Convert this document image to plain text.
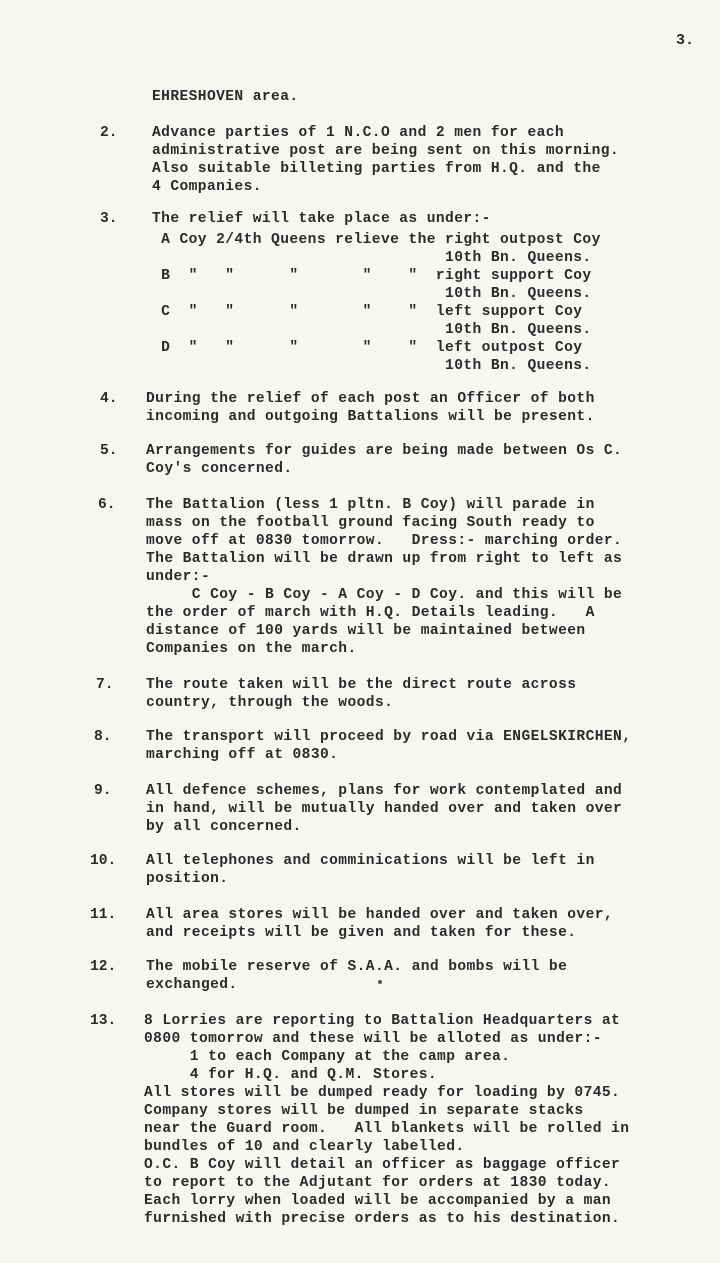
3.
EHRESHOVEN area.
2. Advance parties of 1 N.C.O and 2 men for each
administrative post are being sent on this morning.
Also suitable billeting parties from H.Q. and the
4 Companies.
3. The relief will take place as under:-
A Coy 2/4th Queens relieve the right outpost Coy
10th Bn. Queens.
B  "   "      "       "    "  right support Coy
10th Bn. Queens.
C  "   "      "       "    "  left support Coy
10th Bn. Queens.
D  "   "      "       "    "  left outpost Coy
10th Bn. Queens.
4. During the relief of each post an Officer of both
incoming and outgoing Battalions will be present.
5. Arrangements for guides are being made between Os C.
Coy's concerned.
6. The Battalion (less 1 pltn. B Coy) will parade in
mass on the football ground facing South ready to
move off at 0830 tomorrow.   Dress:- marching order.
The Battalion will be drawn up from right to left as
under:-
C Coy - B Coy - A Coy - D Coy. and this will be
the order of march with H.Q. Details leading.   A
distance of 100 yards will be maintained between
Companies on the march.
7. The route taken will be the direct route across
country, through the woods.
8. The transport will proceed by road via ENGELSKIRCHEN,
marching off at 0830.
9. All defence schemes, plans for work contemplated and
in hand, will be mutually handed over and taken over
by all concerned.
10. All telephones and comminications will be left in
position.
11. All area stores will be handed over and taken over,
and receipts will be given and taken for these.
12. The mobile reserve of S.A.A. and bombs will be
exchanged.
13. 8 Lorries are reporting to Battalion Headquarters at
0800 tomorrow and these will be alloted as under:-
1 to each Company at the camp area.
4 for H.Q. and Q.M. Stores.
All stores will be dumped ready for loading by 0745.
Company stores will be dumped in separate stacks
near the Guard room.   All blankets will be rolled in
bundles of 10 and clearly labelled.
O.C. B Coy will detail an officer as baggage officer
to report to the Adjutant for orders at 1830 today.
Each lorry when loaded will be accompanied by a man
furnished with precise orders as to his destination.
